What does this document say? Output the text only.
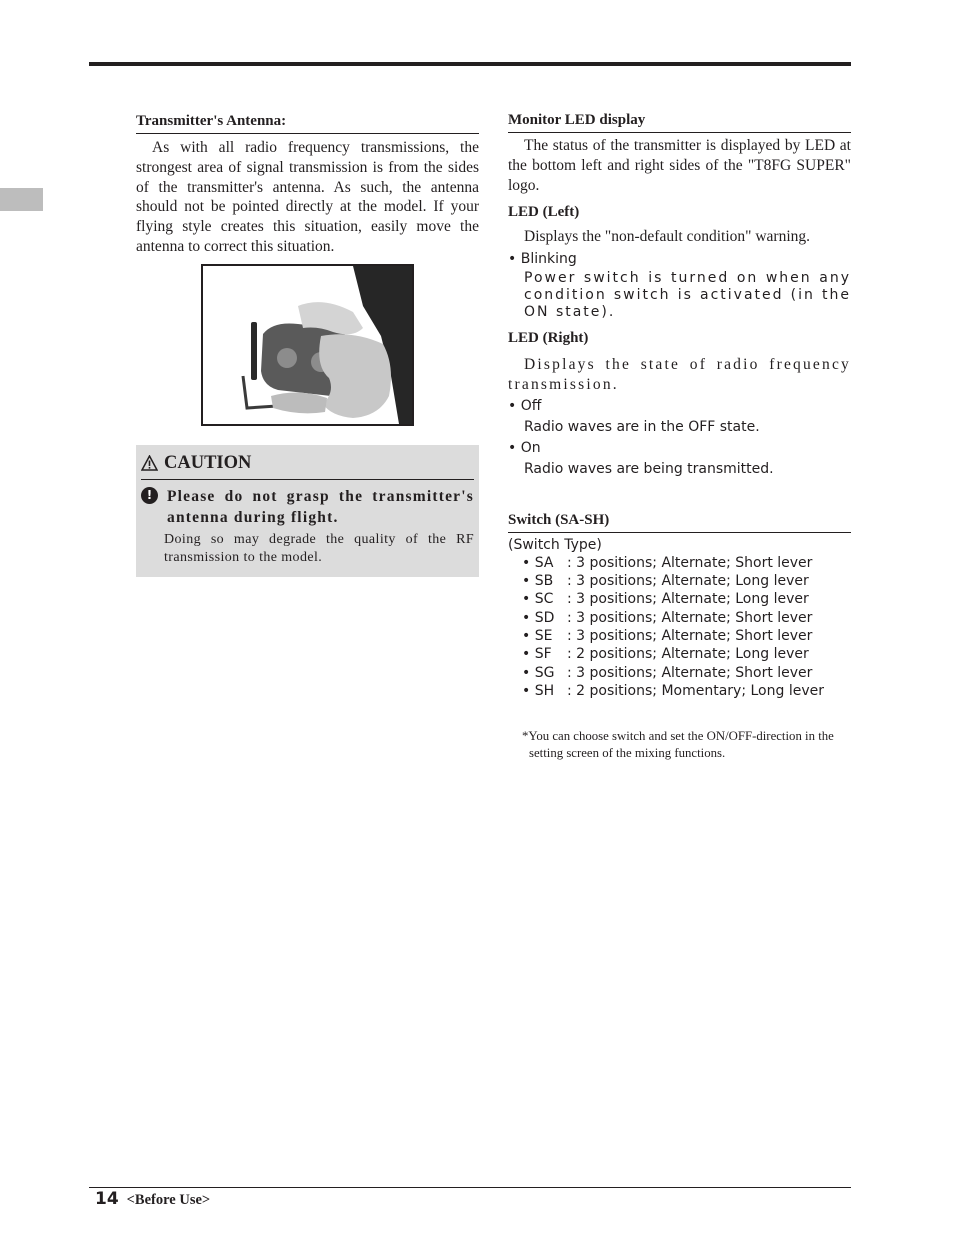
Transmitter's Antenna:
As with all radio frequency transmissions, the strongest area of signal transmission is from the sides of the transmitter's antenna. As such, the antenna should not be pointed directly at the model. If your flying style creates this situation, easily move the antenna to correct this situation.
CAUTION
! Please do not grasp the transmitter's antenna during flight.
Doing so may degrade the quality of the RF transmission to the model.
Monitor LED display
The status of the transmitter is displayed by LED at the bottom left and right sides of the "T8FG SUPER" logo.
LED (Left)
Displays the "non-default condition" warning.
• Blinking
Power switch is turned on when any condition switch is activated (in the ON state).
LED (Right)
Displays the state of radio frequency transmission.
• Off
Radio waves are in the OFF state.
• On
Radio waves are being transmitted.
Switch (SA-SH)
(Switch Type)
• SA : 3 positions; Alternate; Short lever
• SB : 3 positions; Alternate; Long lever
• SC : 3 positions; Alternate; Long lever
• SD : 3 positions; Alternate; Short lever
• SE	: 3 positions; Alternate; Short lever
• SF	: 2 positions; Alternate; Long lever
• SG : 3 positions; Alternate; Short lever
• SH : 2 positions; Momentary; Long lever
*You can choose switch and set the ON/OFF-direction in the setting screen of the mixing functions.
14 <Before Use>
